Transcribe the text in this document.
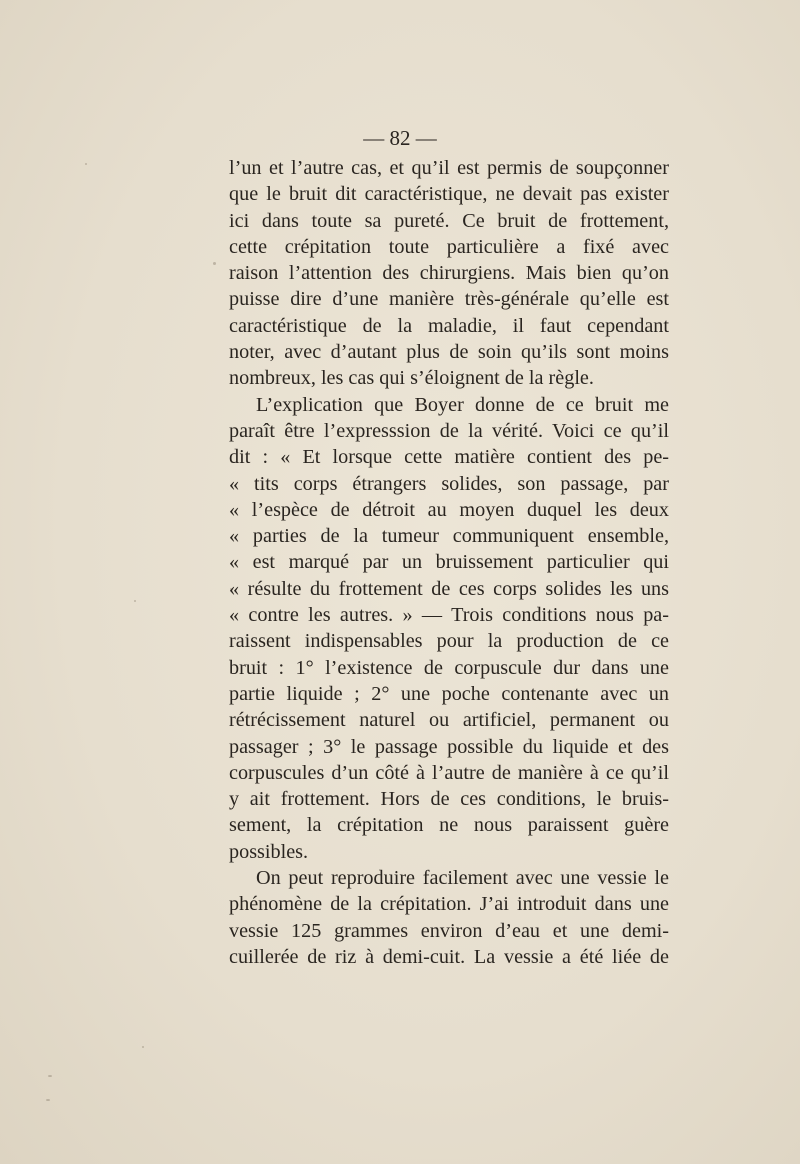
— 82 —
l’un et l’autre cas, et qu’il est permis de soupçonner
que le bruit dit caractéristique, ne devait pas exister
ici dans toute sa pureté. Ce bruit de frottement,
cette crépitation toute particulière a fixé avec
raison l’attention des chirurgiens. Mais bien qu’on
puisse dire d’une manière très-générale qu’elle est
caractéristique de la maladie, il faut cependant
noter, avec d’autant plus de soin qu’ils sont moins
nombreux, les cas qui s’éloignent de la règle.
L’explication que Boyer donne de ce bruit me
paraît être l’expresssion de la vérité. Voici ce qu’il
dit : « Et lorsque cette matière contient des pe-
« tits corps étrangers solides, son passage, par
« l’espèce de détroit au moyen duquel les deux
« parties de la tumeur communiquent ensemble,
« est marqué par un bruissement particulier qui
« résulte du frottement de ces corps solides les uns
« contre les autres. » — Trois conditions nous pa-
raissent indispensables pour la production de ce
bruit : 1° l’existence de corpuscule dur dans une
partie liquide ; 2° une poche contenante avec un
rétrécissement naturel ou artificiel, permanent ou
passager ; 3° le passage possible du liquide et des
corpuscules d’un côté à l’autre de manière à ce qu’il
y ait frottement. Hors de ces conditions, le bruis-
sement, la crépitation ne nous paraissent guère
possibles.
On peut reproduire facilement avec une vessie le
phénomène de la crépitation. J’ai introduit dans une
vessie 125 grammes environ d’eau et une demi-
cuillerée de riz à demi-cuit. La vessie a été liée de
